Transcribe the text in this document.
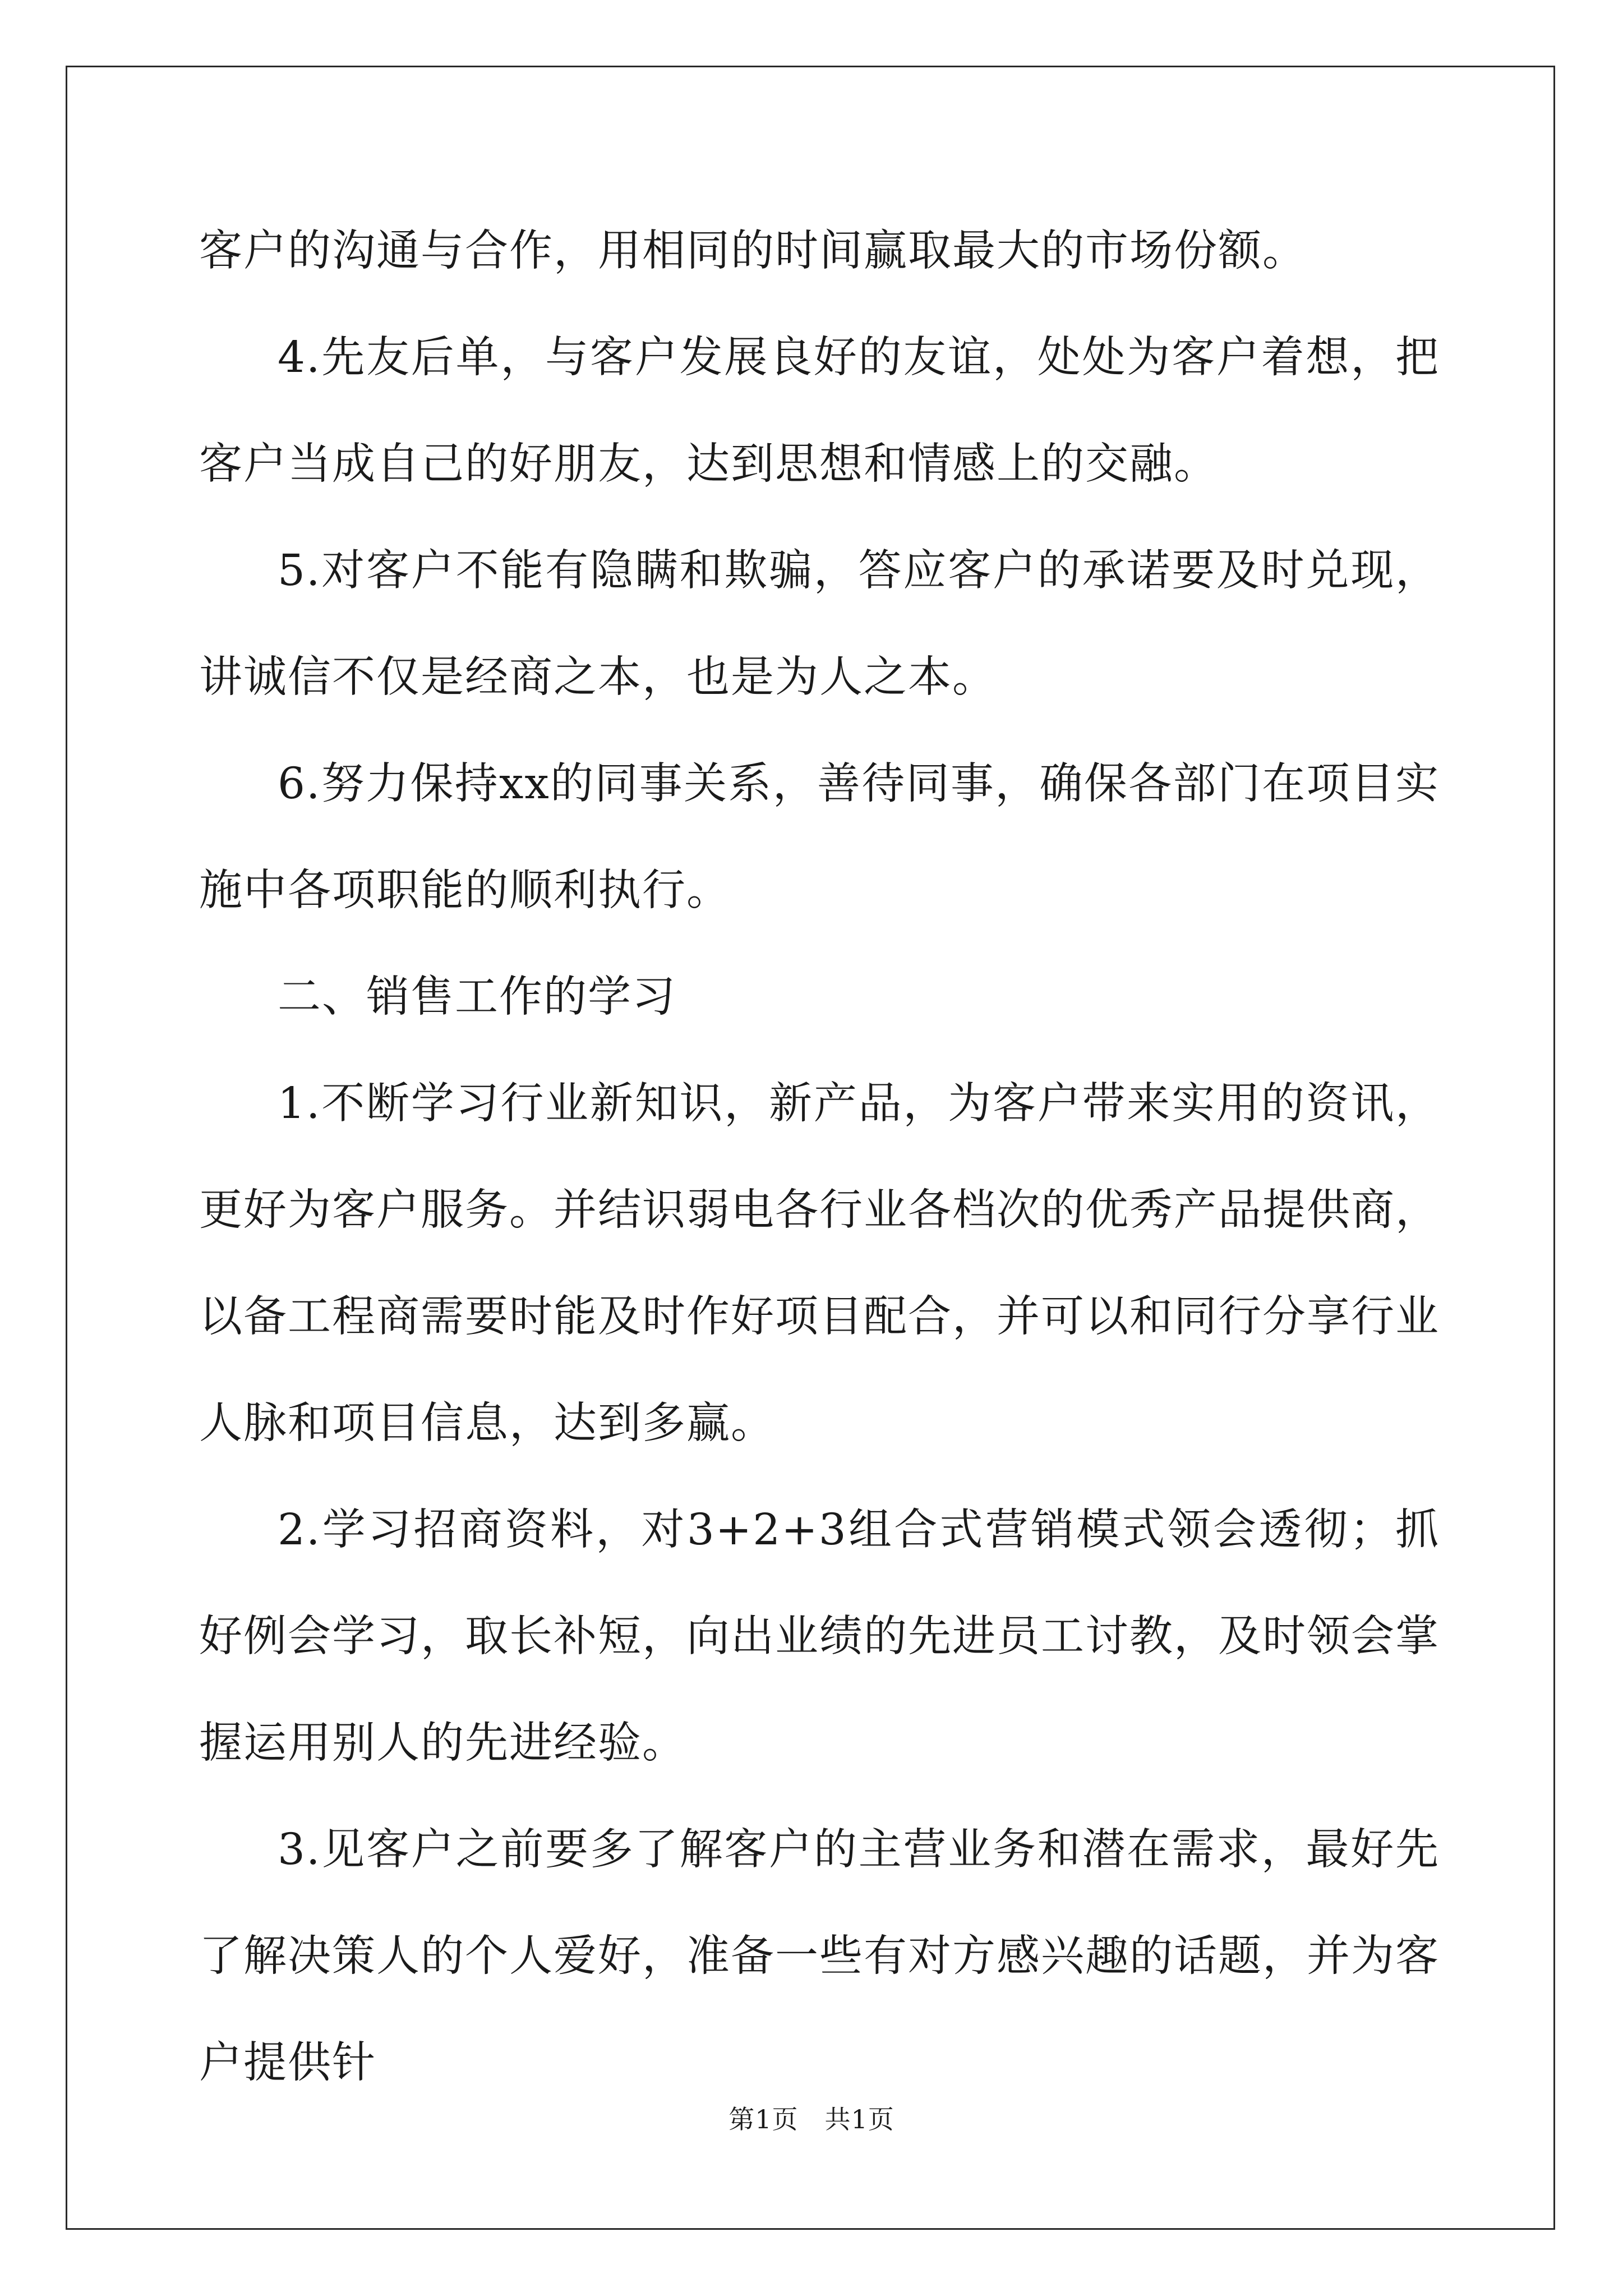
客户的沟通与合作，用相同的时间赢取最大的市场份额。

4.先友后单，与客户发展良好的友谊，处处为客户着想，把客户当成自己的好朋友，达到思想和情感上的交融。

5.对客户不能有隐瞒和欺骗，答应客户的承诺要及时兑现，讲诚信不仅是经商之本，也是为人之本。

6.努力保持xx的同事关系，善待同事，确保各部门在项目实施中各项职能的顺利执行。

二、销售工作的学习

1.不断学习行业新知识，新产品，为客户带来实用的资讯，更好为客户服务。并结识弱电各行业各档次的优秀产品提供商，以备工程商需要时能及时作好项目配合，并可以和同行分享行业人脉和项目信息，达到多赢。

2.学习招商资料，对3+2+3组合式营销模式领会透彻；抓好例会学习，取长补短，向出业绩的先进员工讨教，及时领会掌握运用别人的先进经验。

3.见客户之前要多了解客户的主营业务和潜在需求，最好先了解决策人的个人爱好，准备一些有对方感兴趣的话题，并为客户提供针

第1页　共1页
